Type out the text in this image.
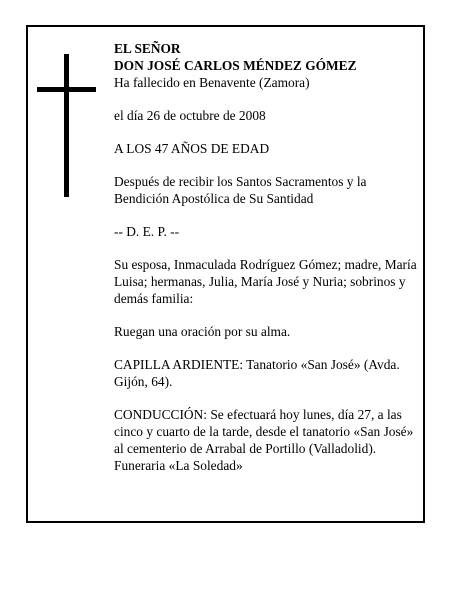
EL SEÑOR

DON JOSÉ CARLOS MÉNDEZ GÓMEZ

Ha fallecido en Benavente (Zamora)

el día 26 de octubre de 2008

A LOS 47 AÑOS DE EDAD

Después de recibir los Santos Sacramentos y la Bendición Apostólica de Su Santidad

-- D. E. P. --

Su esposa, Inmaculada Rodríguez Gómez; madre, María Luisa; hermanas, Julia, María José y Nuria; sobrinos y demás familia:

Ruegan una oración por su alma.

CAPILLA ARDIENTE: Tanatorio «San José» (Avda. Gijón, 64).

CONDUCCIÓN: Se efectuará hoy lunes, día 27, a las cinco y cuarto de la tarde, desde el tanatorio «San José» al cementerio de Arrabal de Portillo (Valladolid).

Funeraria «La Soledad»
